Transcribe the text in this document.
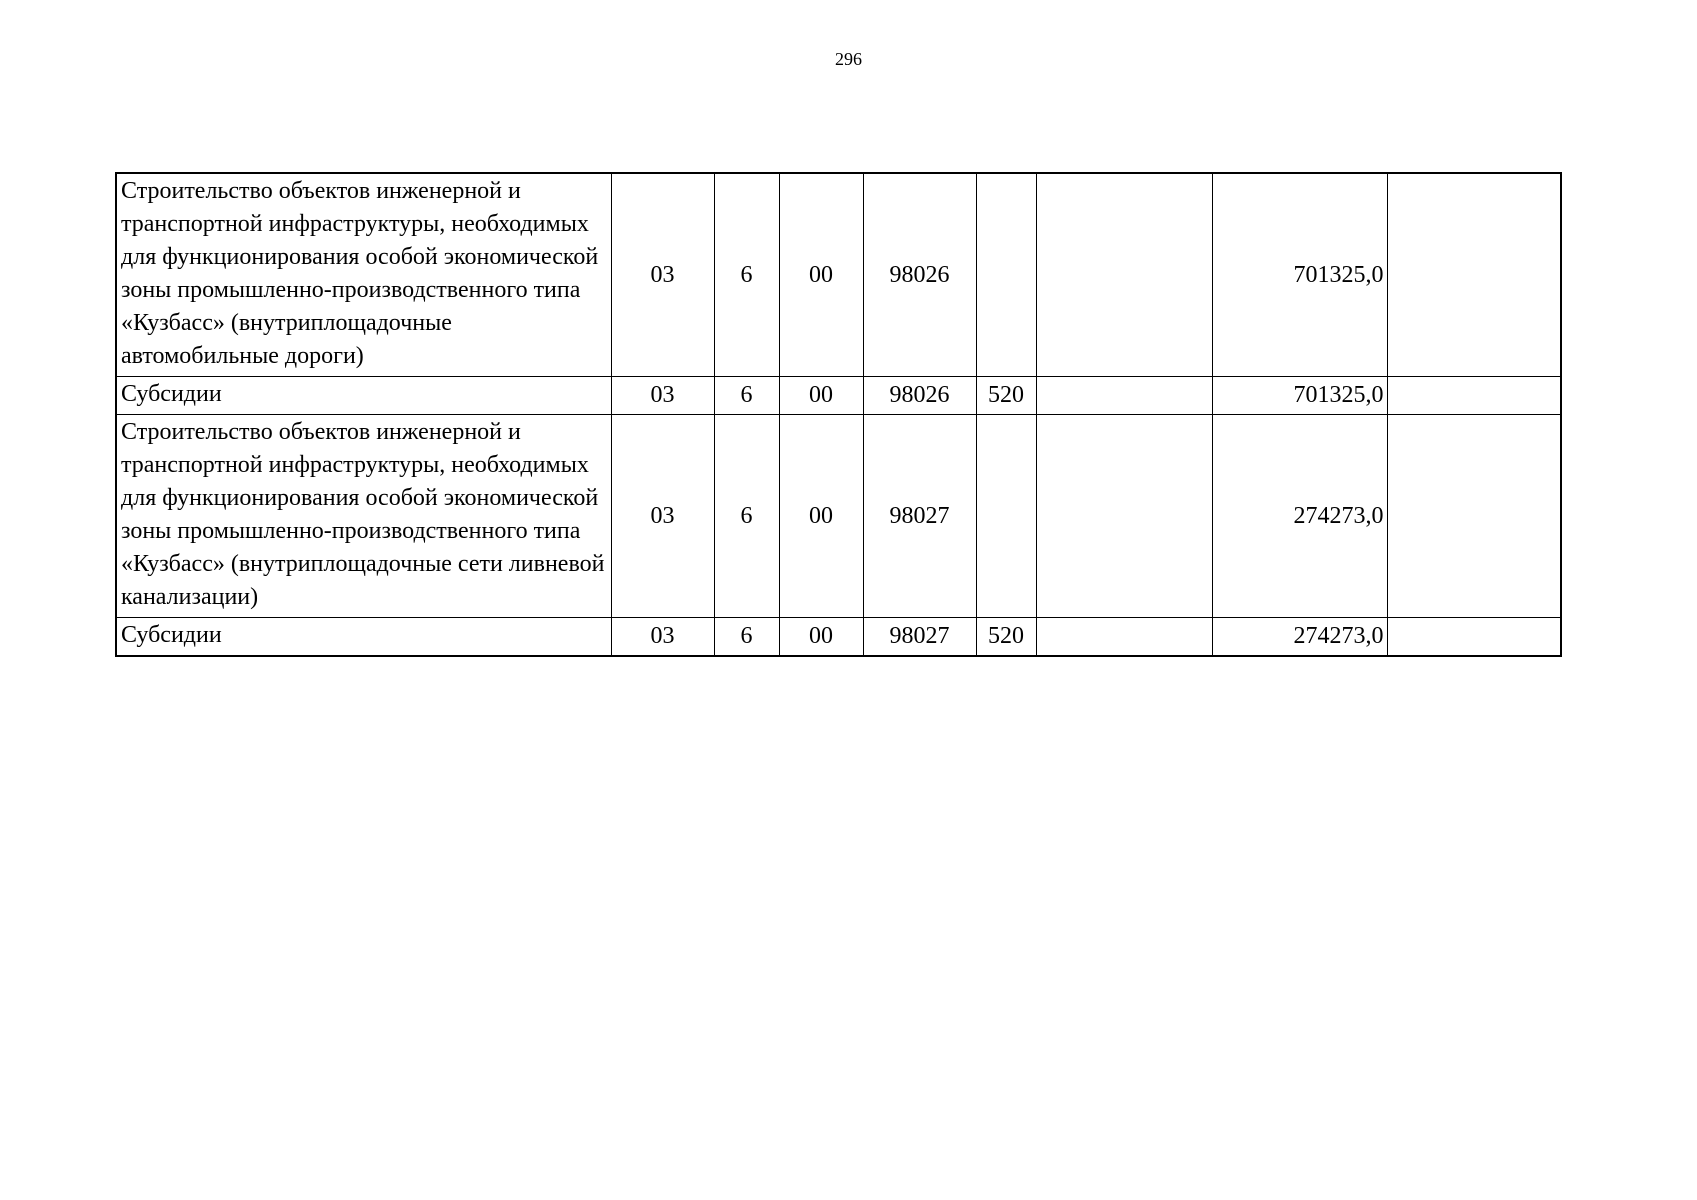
296
Строительство объектов инженерной и транспортной инфраструктуры, необходимых для функционирования особой экономической зоны промышленно-производственного типа «Кузбасс» (внутриплощадочные автомобильные дороги)	03	6	00	98026			701325,0	
Субсидии	03	6	00	98026	520		701325,0	
Строительство объектов инженерной и транспортной инфраструктуры, необходимых для функционирования особой экономической зоны промышленно-производственного типа «Кузбасс» (внутриплощадочные сети ливневой канализации)	03	6	00	98027			274273,0	
Субсидии	03	6	00	98027	520		274273,0	
